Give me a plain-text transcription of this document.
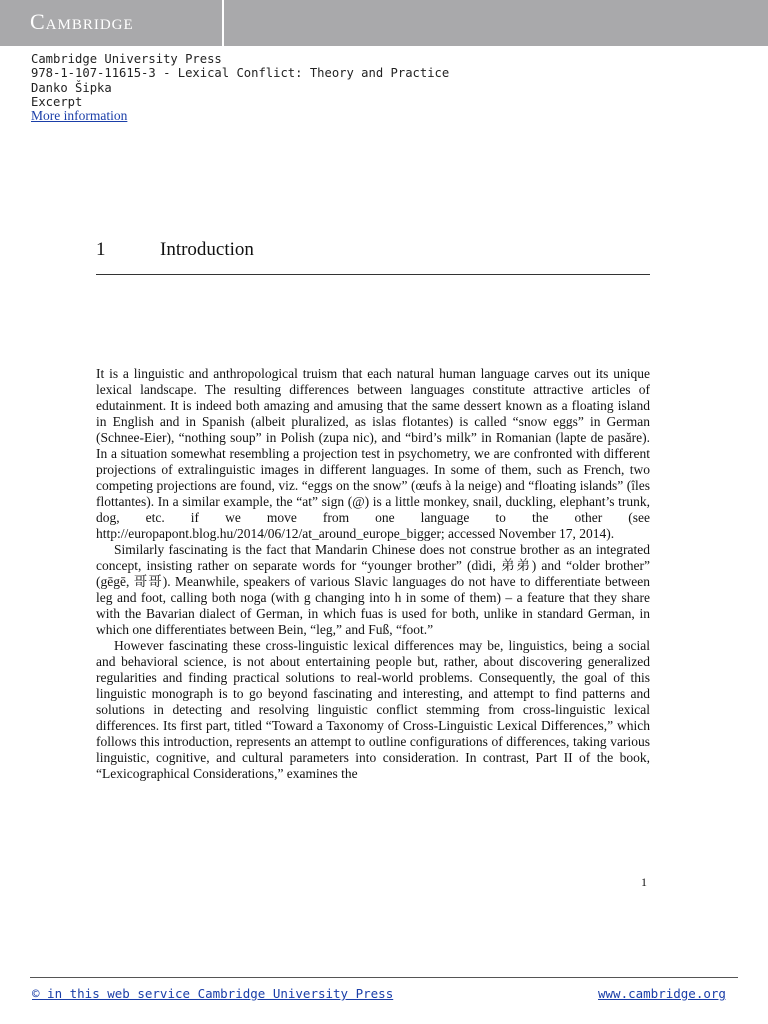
Cambridge
Cambridge University Press
978-1-107-11615-3 - Lexical Conflict: Theory and Practice
Danko Šipka
Excerpt
More information
1	Introduction

It is a linguistic and anthropological truism that each natural human language carves out its unique lexical landscape. The resulting differences between languages constitute attractive articles of edutainment. It is indeed both amazing and amusing that the same dessert known as a floating island in English and in Spanish (albeit pluralized, as islas flotantes) is called “snow eggs” in German (Schnee-Eier), “nothing soup” in Polish (zupa nic), and “bird’s milk” in Romanian (lapte de pasăre). In a situation somewhat resembling a projection test in psychometry, we are confronted with different projections of extralinguistic images in different languages. In some of them, such as French, two competing projections are found, viz. “eggs on the snow” (œufs à la neige) and “floating islands” (îles flottantes). In a similar example, the “at” sign (@) is a little monkey, snail, duckling, elephant’s trunk, dog, etc. if we move from one language to the other (see http://europapont.blog.hu/2014/06/12/at_around_europe_bigger; accessed November 17, 2014).

Similarly fascinating is the fact that Mandarin Chinese does not construe brother as an integrated concept, insisting rather on separate words for “younger brother” (dìdi, 弟弟) and “older brother” (gēgē, 哥哥). Meanwhile, speakers of various Slavic languages do not have to differentiate between leg and foot, calling both noga (with g changing into h in some of them) – a feature that they share with the Bavarian dialect of German, in which fuas is used for both, unlike in standard German, in which one differentiates between Bein, “leg,” and Fuß, “foot.”

However fascinating these cross-linguistic lexical differences may be, linguistics, being a social and behavioral science, is not about entertaining people but, rather, about discovering generalized regularities and finding practical solutions to real-world problems. Consequently, the goal of this linguistic monograph is to go beyond fascinating and interesting, and attempt to find patterns and solutions in detecting and resolving linguistic conflict stemming from cross-linguistic lexical differences. Its first part, titled “Toward a Taxonomy of Cross-Linguistic Lexical Differences,” which follows this introduction, represents an attempt to outline configurations of differences, taking various linguistic, cognitive, and cultural parameters into consideration. In contrast, Part II of the book, “Lexicographical Considerations,” examines the

1
© in this web service Cambridge University Press	www.cambridge.org
